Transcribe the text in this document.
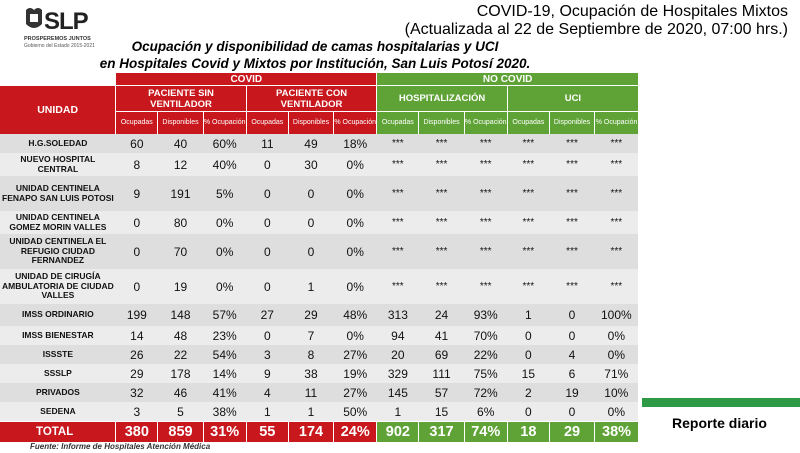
SLP
PROSPEREMOS JUNTOS
Gobierno del Estado 2015-2021
COVID-19, Ocupación de Hospitales Mixtos
(Actualizada al 22 de Septiembre de 2020, 07:00 hrs.)
Ocupación y disponibilidad de camas hospitalarias y UCI
en Hospitales Covid y Mixtos por Institución, San Luis Potosí 2020.
	COVID						NO COVID					
UNIDAD	PACIENTE SIN VENTILADOR			PACIENTE CON VENTILADOR			HOSPITALIZACIÓN			UCI		
	Ocupadas	Disponibles	% Ocupación	Ocupadas	Disponibles	% Ocupación	Ocupadas	Disponibles	% Ocupación	Ocupadas	Disponibles	% Ocupación
H.G.SOLEDAD	60	40	60%	11	49	18%	***	***	***	***	***	***
NUEVO HOSPITAL CENTRAL	8	12	40%	0	30	0%	***	***	***	***	***	***
UNIDAD CENTINELA FENAPO SAN LUIS POTOSI	9	191	5%	0	0	0%	***	***	***	***	***	***
UNIDAD CENTINELA GOMEZ MORIN VALLES	0	80	0%	0	0	0%	***	***	***	***	***	***
UNIDAD CENTINELA EL REFUGIO CIUDAD FERNANDEZ	0	70	0%	0	0	0%	***	***	***	***	***	***
UNIDAD DE CIRUGÍA AMBULATORIA DE CIUDAD VALLES	0	19	0%	0	1	0%	***	***	***	***	***	***
IMSS ORDINARIO	199	148	57%	27	29	48%	313	24	93%	1	0	100%
IMSS BIENESTAR	14	48	23%	0	7	0%	94	41	70%	0	0	0%
ISSSTE	26	22	54%	3	8	27%	20	69	22%	0	4	0%
SSSLP	29	178	14%	9	38	19%	329	111	75%	15	6	71%
PRIVADOS	32	46	41%	4	11	27%	145	57	72%	2	19	10%
SEDENA	3	5	38%	1	1	50%	1	15	6%	0	0	0%
TOTAL	380	859	31%	55	174	24%	902	317	74%	18	29	38%
Fuente: Informe de Hospitales Atención Médica
Reporte diario
